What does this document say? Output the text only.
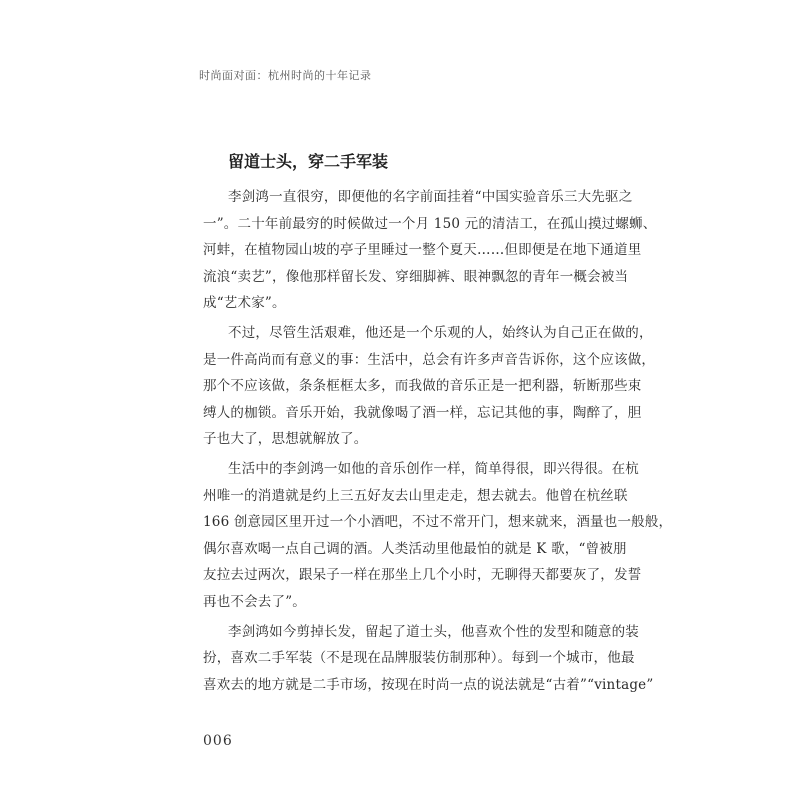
时尚面对面：杭州时尚的十年记录
留道士头，穿二手军装
李剑鸿一直很穷，即便他的名字前面挂着“中国实验音乐三大先驱之
一”。二十年前最穷的时候做过一个月 150 元的清洁工，在孤山摸过螺蛳、
河蚌，在植物园山坡的亭子里睡过一整个夏天……但即便是在地下通道里
流浪“卖艺”，像他那样留长发、穿细脚裤、眼神飘忽的青年一概会被当
成“艺术家”。
不过，尽管生活艰难，他还是一个乐观的人，始终认为自己正在做的，
是一件高尚而有意义的事：生活中，总会有许多声音告诉你，这个应该做，
那个不应该做，条条框框太多，而我做的音乐正是一把利器，斩断那些束
缚人的枷锁。音乐开始，我就像喝了酒一样，忘记其他的事，陶醉了，胆
子也大了，思想就解放了。
生活中的李剑鸿一如他的音乐创作一样，简单得很，即兴得很。在杭
州唯一的消遣就是约上三五好友去山里走走，想去就去。他曾在杭丝联
166 创意园区里开过一个小酒吧，不过不常开门，想来就来，酒量也一般般，
偶尔喜欢喝一点自己调的酒。人类活动里他最怕的就是 K 歌，“曾被朋
友拉去过两次，跟呆子一样在那坐上几个小时，无聊得天都要灰了，发誓
再也不会去了”。
李剑鸿如今剪掉长发，留起了道士头，他喜欢个性的发型和随意的装
扮，喜欢二手军装（不是现在品牌服装仿制那种）。每到一个城市，他最
喜欢去的地方就是二手市场，按现在时尚一点的说法就是“古着”“vintage”
006
